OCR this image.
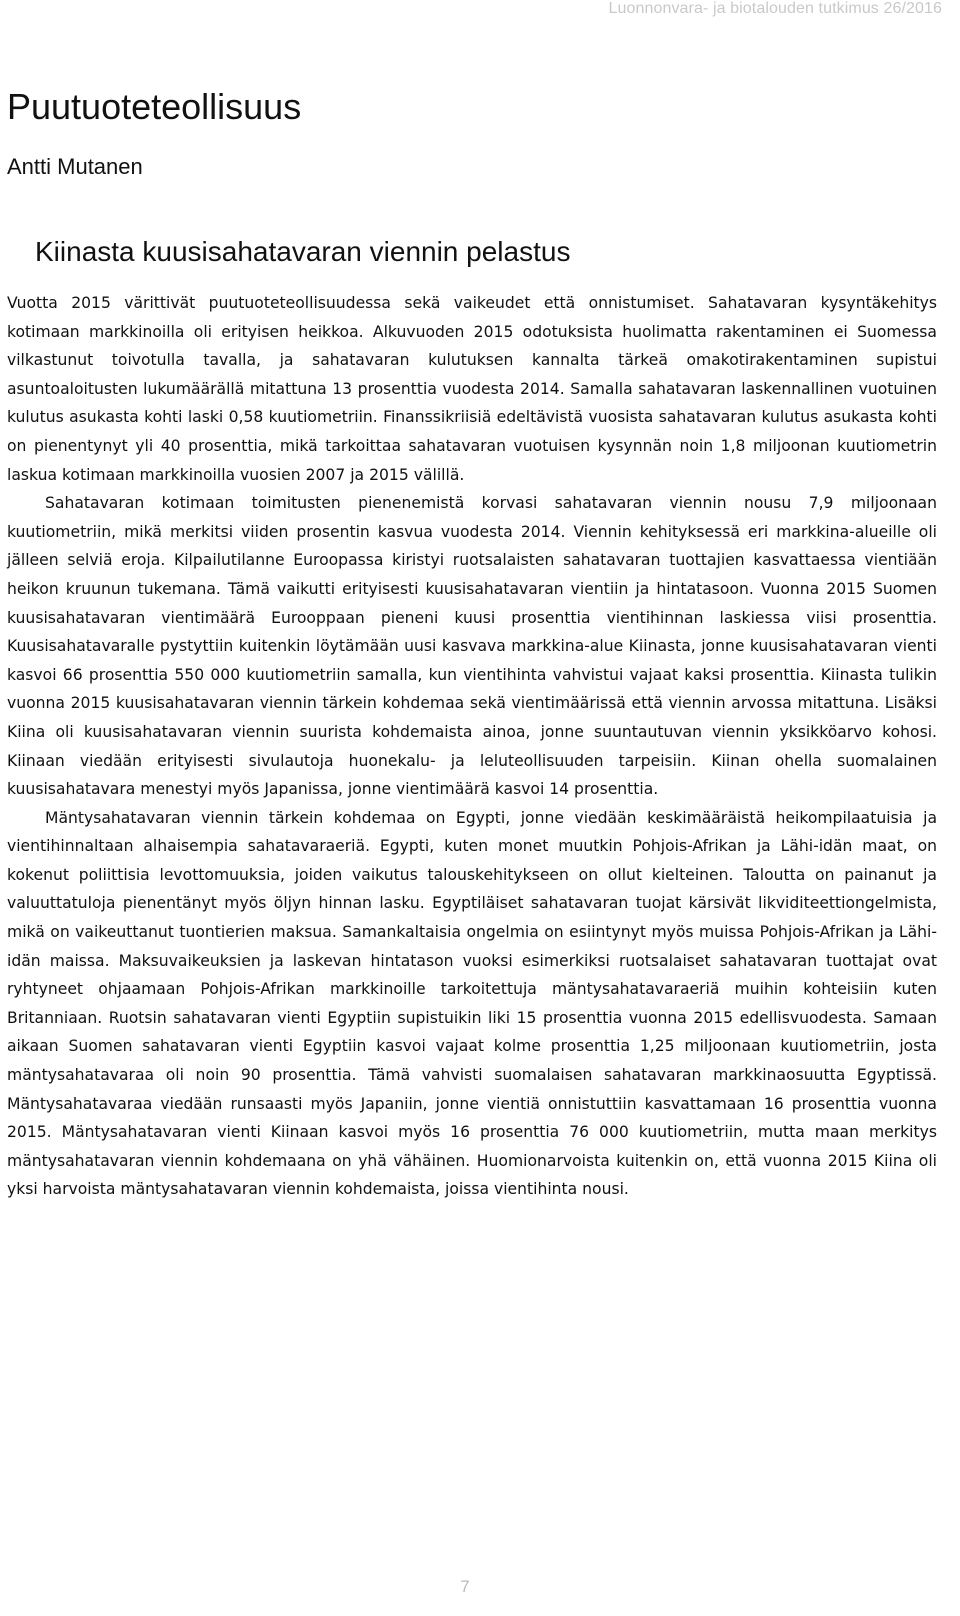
Luonnonvara- ja biotalouden tutkimus 26/2016
Puutuoteteollisuus
Antti Mutanen
Kiinasta kuusisahatavaran viennin pelastus

Vuotta 2015 värittivät puutuoteteollisuudessa sekä vaikeudet että onnistumiset. Sahatavaran kysyntäkehitys kotimaan markkinoilla oli erityisen heikkoa. Alkuvuoden 2015 odotuksista huolimatta rakentaminen ei Suomessa vilkastunut toivotulla tavalla, ja sahatavaran kulutuksen kannalta tärkeä omakotirakentaminen supistui asuntoaloitusten lukumäärällä mitattuna 13 prosenttia vuodesta 2014. Samalla sahatavaran laskennallinen vuotuinen kulutus asukasta kohti laski 0,58 kuutiometriin. Finanssikriisiä edeltävistä vuosista sahatavaran kulutus asukasta kohti on pienentynyt yli 40 prosenttia, mikä tarkoittaa sahatavaran vuotuisen kysynnän noin 1,8 miljoonan kuutiometrin laskua kotimaan markkinoilla vuosien 2007 ja 2015 välillä.

Sahatavaran kotimaan toimitusten pienenemistä korvasi sahatavaran viennin nousu 7,9 miljoonaan kuutiometriin, mikä merkitsi viiden prosentin kasvua vuodesta 2014. Viennin kehityksessä eri markkina-alueille oli jälleen selviä eroja. Kilpailutilanne Euroopassa kiristyi ruotsalaisten sahatavaran tuottajien kasvattaessa vientiään heikon kruunun tukemana. Tämä vaikutti erityisesti kuusisahatavaran vientiin ja hintatasoon. Vuonna 2015 Suomen kuusisahatavaran vientimäärä Eurooppaan pieneni kuusi prosenttia vientihinnan laskiessa viisi prosenttia. Kuusisahatavaralle pystyttiin kuitenkin löytämään uusi kasvava markkina-alue Kiinasta, jonne kuusisahatavaran vienti kasvoi 66 prosenttia 550 000 kuutiometriin samalla, kun vientihinta vahvistui vajaat kaksi prosenttia. Kiinasta tulikin vuonna 2015 kuusisahatavaran viennin tärkein kohdemaa sekä vientimäärissä että viennin arvossa mitattuna. Lisäksi Kiina oli kuusisahatavaran viennin suurista kohdemaista ainoa, jonne suuntautuvan viennin yksikköarvo kohosi. Kiinaan viedään erityisesti sivulautoja huonekalu- ja leluteollisuuden tarpeisiin. Kiinan ohella suomalainen kuusisahatavara menestyi myös Japanissa, jonne vientimäärä kasvoi 14 prosenttia.

Mäntysahatavaran viennin tärkein kohdemaa on Egypti, jonne viedään keskimääräistä heikompilaatuisia ja vientihinnaltaan alhaisempia sahatavaraeriä. Egypti, kuten monet muutkin Pohjois-Afrikan ja Lähi-idän maat, on kokenut poliittisia levottomuuksia, joiden vaikutus talouskehitykseen on ollut kielteinen. Taloutta on painanut ja valuuttatuloja pienentänyt myös öljyn hinnan lasku. Egyptiläiset sahatavaran tuojat kärsivät likviditeettiongelmista, mikä on vaikeuttanut tuontierien maksua. Samankaltaisia ongelmia on esiintynyt myös muissa Pohjois-Afrikan ja Lähi-idän maissa. Maksuvaikeuksien ja laskevan hintatason vuoksi esimerkiksi ruotsalaiset sahatavaran tuottajat ovat ryhtyneet ohjaamaan Pohjois-Afrikan markkinoille tarkoitettuja mäntysahatavaraeriä muihin kohteisiin kuten Britanniaan. Ruotsin sahatavaran vienti Egyptiin supistuikin liki 15 prosenttia vuonna 2015 edellisvuodesta. Samaan aikaan Suomen sahatavaran vienti Egyptiin kasvoi vajaat kolme prosenttia 1,25 miljoonaan kuutiometriin, josta mäntysahatavaraa oli noin 90 prosenttia. Tämä vahvisti suomalaisen sahatavaran markkinaosuutta Egyptissä. Mäntysahatavaraa viedään runsaasti myös Japaniin, jonne vientiä onnistuttiin kasvattamaan 16 prosenttia vuonna 2015. Mäntysahatavaran vienti Kiinaan kasvoi myös 16 prosenttia 76 000 kuutiometriin, mutta maan merkitys mäntysahatavaran viennin kohdemaana on yhä vähäinen. Huomionarvoista kuitenkin on, että vuonna 2015 Kiina oli yksi harvoista mäntysahatavaran viennin kohdemaista, joissa vientihinta nousi.

7
